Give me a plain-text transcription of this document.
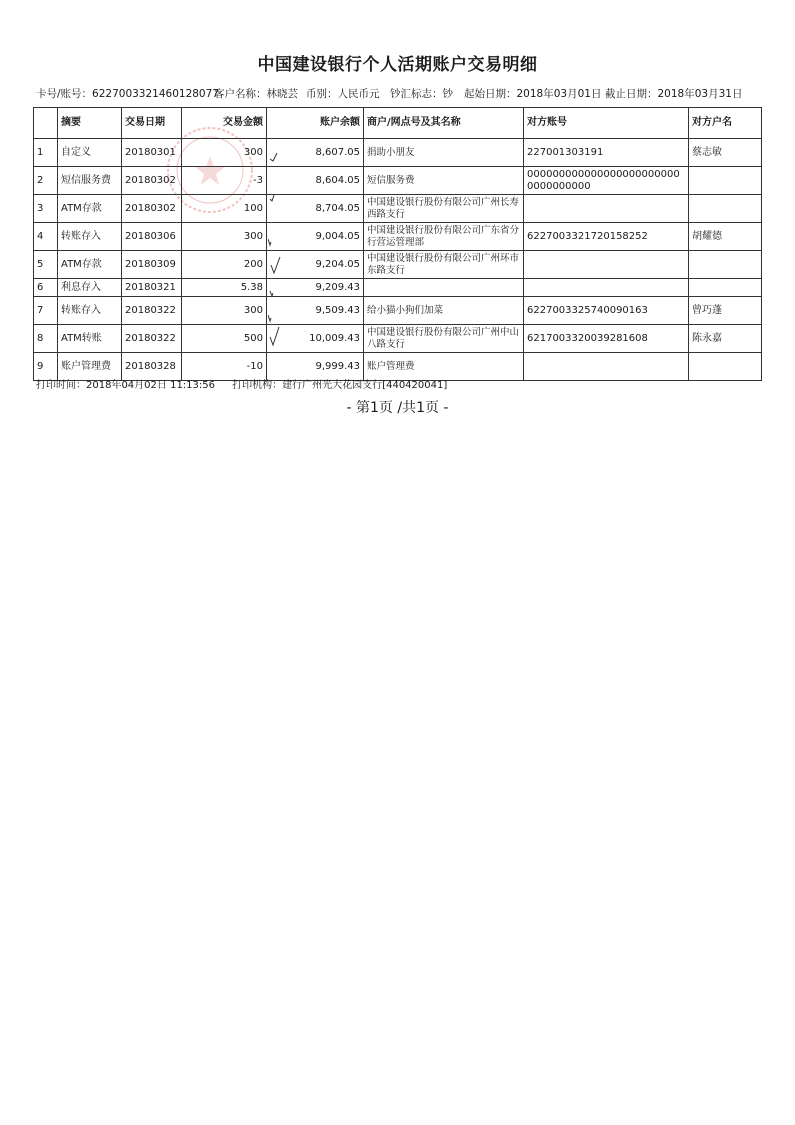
中国建设银行个人活期账户交易明细
卡号/账号：6227003321460128077
客户名称：林晓芸 币别：人民币元 钞汇标志：钞 起始日期：2018年03月01日 截止日期：2018年03月31日
	摘要	交易日期	交易金额	账户余额	商户/网点号及其名称	对方账号	对方户名
1	自定义	20180301	300	8,607.05	捐助小朋友	227001303191	蔡志敏
2	短信服务费	20180302	-3	8,604.05	短信服务费	0000000000000000000000000000000000	
3	ATM存款	20180302	100	8,704.05	中国建设银行股份有限公司广州长寿西路支行		
4	转账存入	20180306	300	9,004.05	中国建设银行股份有限公司广东省分行营运管理部	6227003321720158252	胡耀德
5	ATM存款	20180309	200	9,204.05	中国建设银行股份有限公司广州环市东路支行		
6	利息存入	20180321	5.38	9,209.43			
7	转账存入	20180322	300	9,509.43	给小猫小狗们加菜	6227003325740090163	曾巧蓬
8	ATM转账	20180322	500	10,009.43	中国建设银行股份有限公司广州中山八路支行	6217003320039281608	陈永嘉
9	账户管理费	20180328	-10	9,999.43	账户管理费		
打印时间：2018年04月02日 11:13:56 打印机构：建行广州光大花园支行[440420041]
- 第1页 /共1页 -
